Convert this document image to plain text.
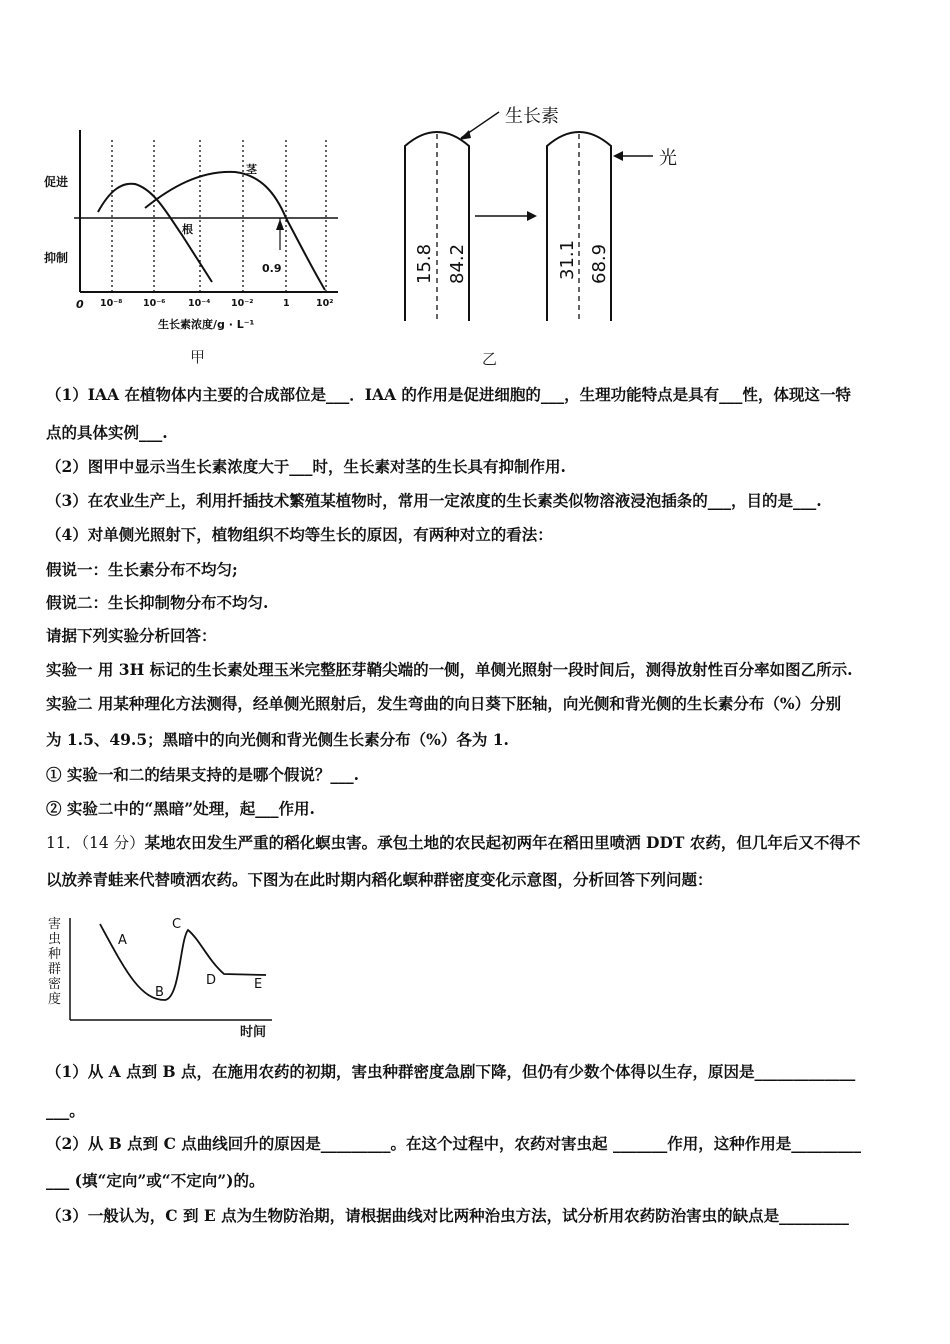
0.9
茎
根
促进
抑制
0 10⁻⁸ 10⁻⁶ 10⁻⁴ 10⁻²	1	10²
生长素浓度/g · L⁻¹
甲
生长素
15.8 84.2
光
31.1 68.9
乙
（1）IAA 在植物体内主要的合成部位是___．IAA 的作用是促进细胞的___，生理功能特点是具有___性，体现这一特
点的具体实例___.
（2）图甲中显示当生长素浓度大于___时，生长素对茎的生长具有抑制作用.
（3）在农业生产上，利用扦插技术繁殖某植物时，常用一定浓度的生长素类似物溶液浸泡插条的___，目的是___.
（4）对单侧光照射下，植物组织不均等生长的原因，有两种对立的看法：
假说一：生长素分布不均匀;
假说二：生长抑制物分布不均匀.
请据下列实验分析回答：
实验一 用 3H 标记的生长素处理玉米完整胚芽鞘尖端的一侧，单侧光照射一段时间后，测得放射性百分率如图乙所示.
实验二 用某种理化方法测得，经单侧光照射后，发生弯曲的向日葵下胚轴，向光侧和背光侧的生长素分布（%）分别
为 1.5、49.5；黑暗中的向光侧和背光侧生长素分布（%）各为 1.
① 实验一和二的结果支持的是哪个假说？___.
② 实验二中的“黑暗”处理，起___作用.
11．（14 分）某地农田发生严重的稻化螟虫害。承包土地的农民起初两年在稻田里喷洒 DDT 农药，但几年后又不得不
以放养青蛙来代替喷洒农药。下图为在此时期内稻化螟种群密度变化示意图，分析回答下列问题：
害
虫
种
群
密
度
时间
A
B
C
D	E
（1）从 A 点到 B 点，在施用农药的初期，害虫种群密度急剧下降，但仍有少数个体得以生存，原因是_____________
___。
（2）从 B 点到 C 点曲线回升的原因是_________。在这个过程中，农药对害虫起 _______作用，这种作用是_________
___ (填“定向”或“不定向”)的。
（3）一般认为，C 到 E 点为生物防治期，请根据曲线对比两种治虫方法，试分析用农药防治害虫的缺点是_________
